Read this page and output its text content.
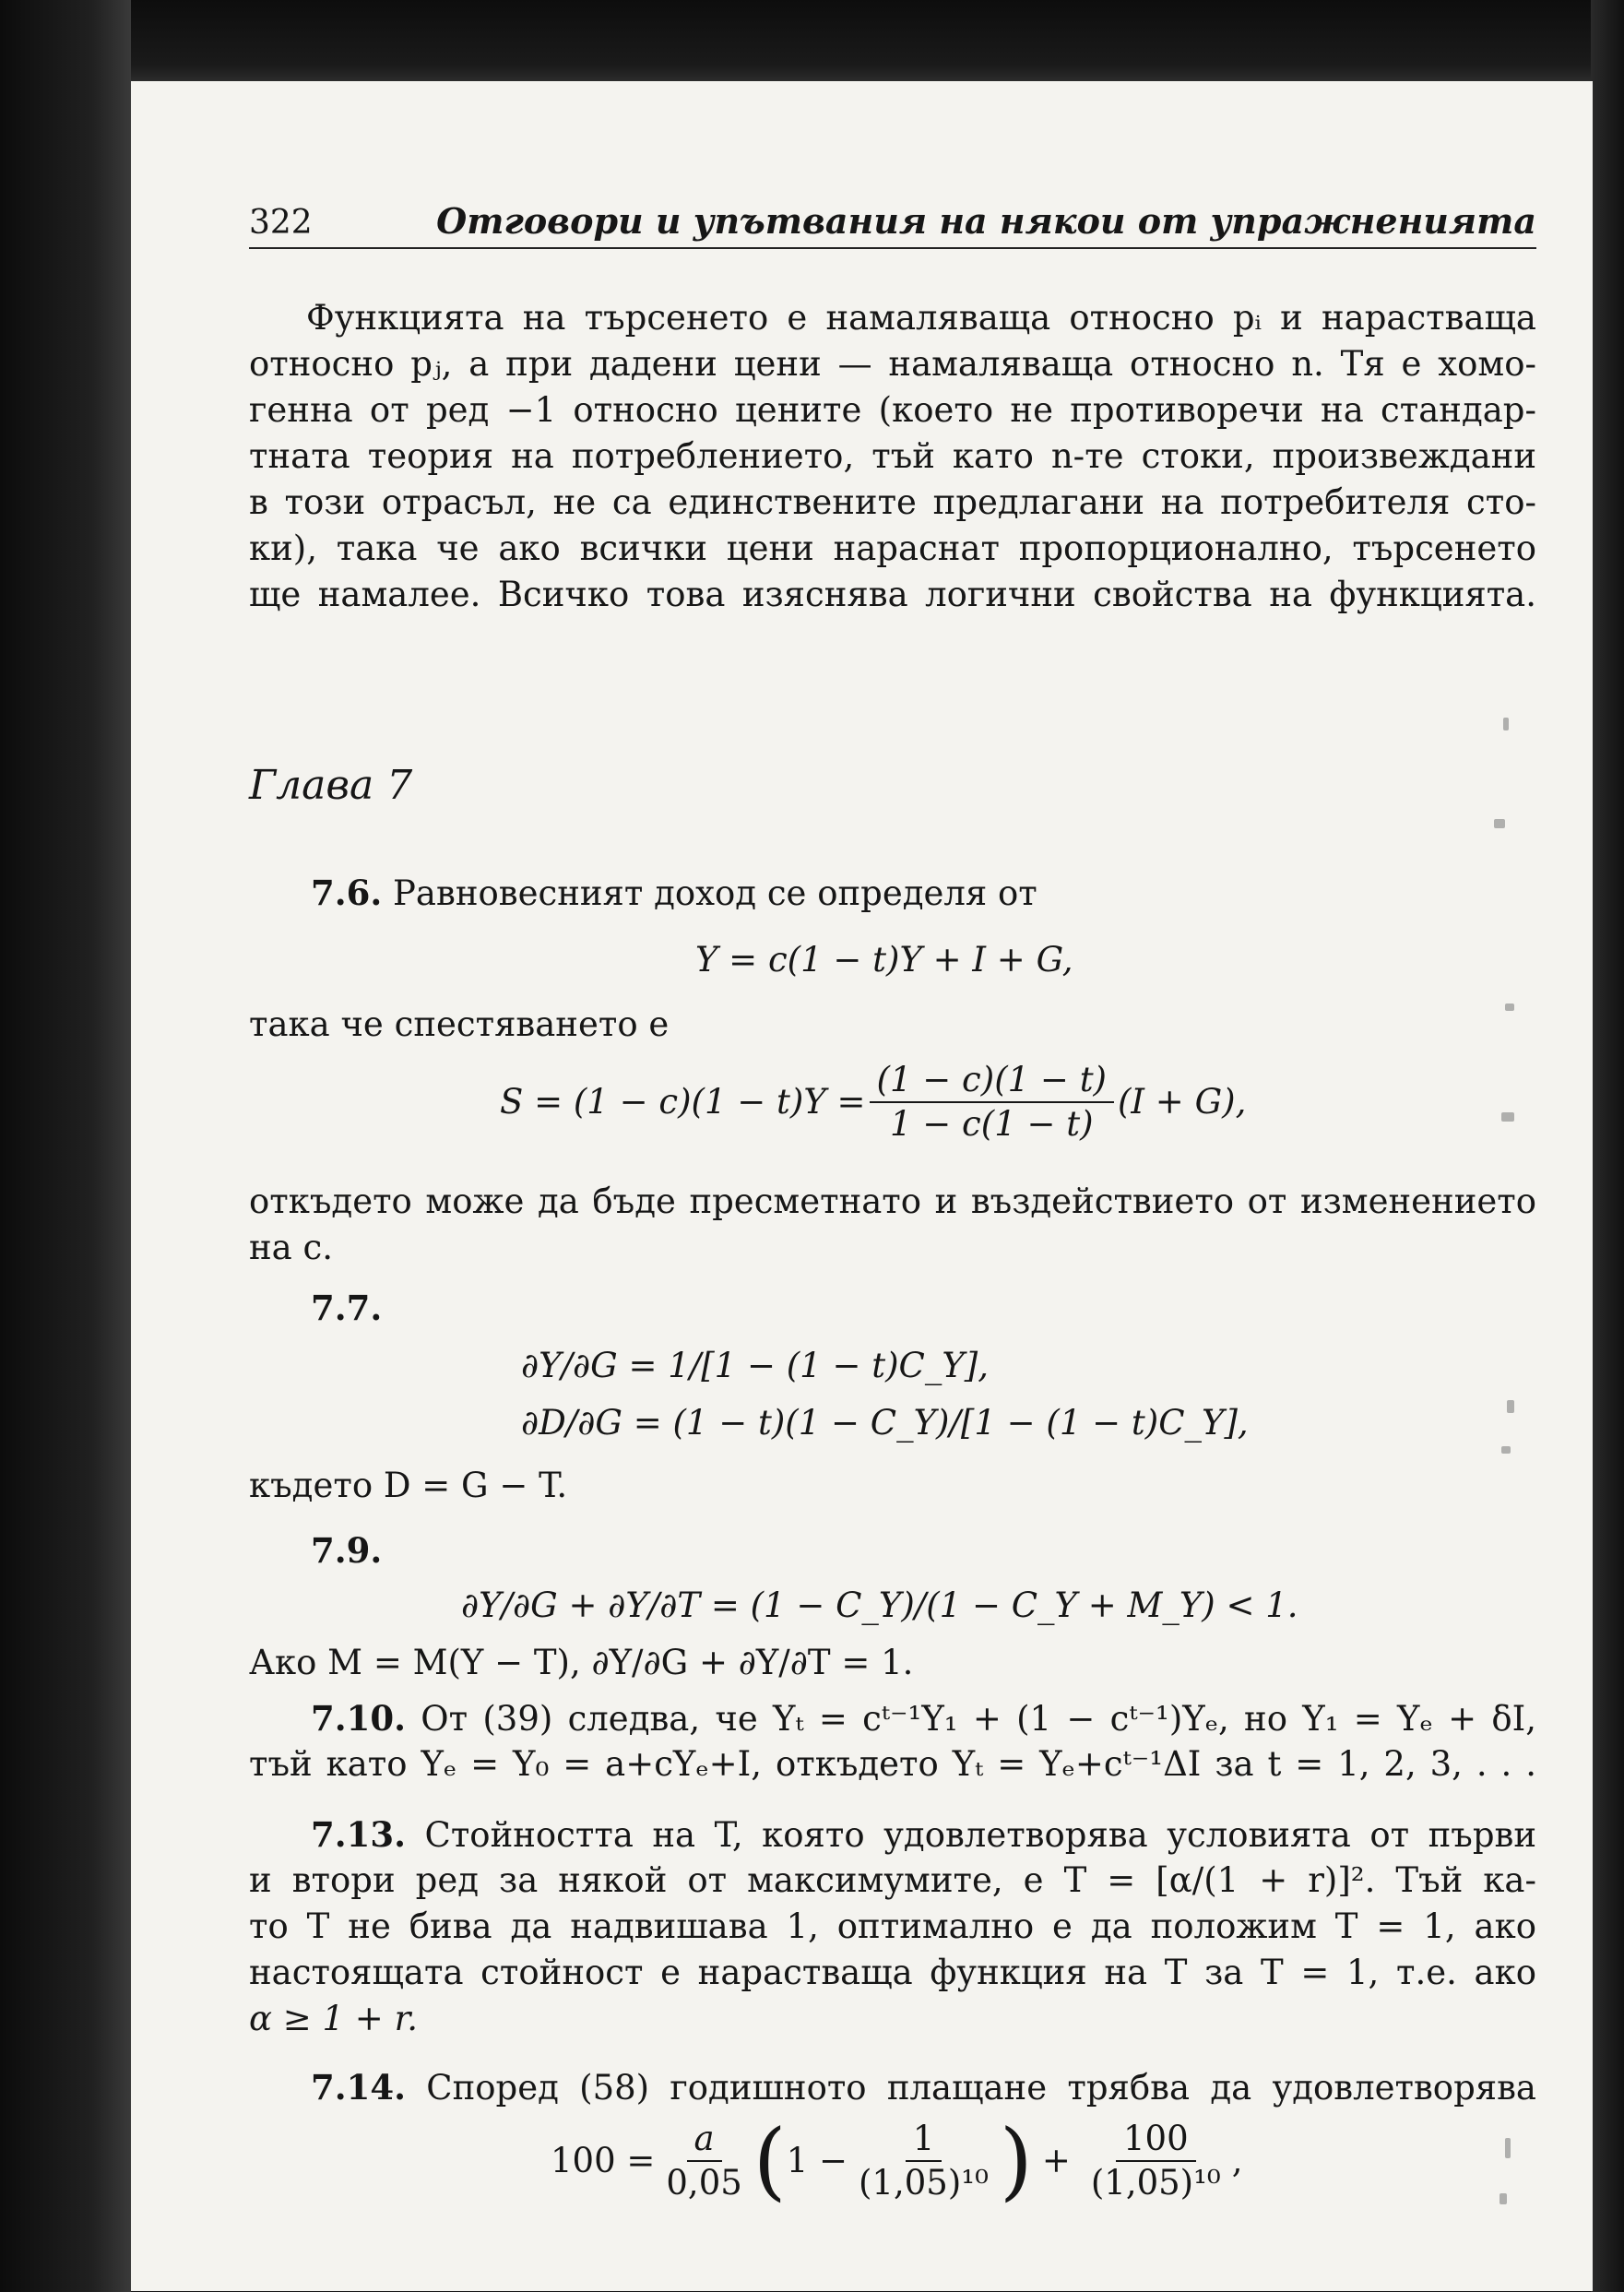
322	Отговори и упътвания на някои от упражненията
Функцията на търсенето е намаляваща относно pᵢ и нарастваща
относно pⱼ, а при дадени цени — намаляваща относно n. Тя е хомо-
генна от ред −1 относно цените (което не противоречи на стандар-
тната теория на потреблението, тъй като n-те стоки, произвеждани
в този отрасъл, не са единствените предлагани на потребителя сто-
ки), така че ако всички цени нараснат пропорционално, търсенето
ще намалее. Всичко това изяснява логични свойства на функцията.
Глава 7
7.6. Равновесният доход се определя от
Y = c(1 − t)Y + I + G,
така че спестяването е
$S = (1 - c)(1 - t)Y = \frac{(1 - c)(1 - t)}{1 - c(1 - t)} (I + G)$,
откъдето може да бъде пресметнато и въздействието от изменението
на c.
7.7.
∂Y/∂G = 1/[1 − (1 − t)C_Y],
∂D/∂G = (1 − t)(1 − C_Y)/[1 − (1 − t)C_Y],
където D = G − T.
7.9.
∂Y/∂G + ∂Y/∂T = (1 − C_Y)/(1 − C_Y + M_Y) < 1.
Ако M = M(Y − T), ∂Y/∂G + ∂Y/∂T = 1.
7.10. От (39) следва, че Yₜ = cᵗ⁻¹Y₁ + (1 − cᵗ⁻¹)Yₑ, но Y₁ = Yₑ + δI,
тъй като Yₑ = Y₀ = a+cYₑ+I, откъдето Yₜ = Yₑ+cᵗ⁻¹ΔI за t = 1, 2, 3, . . .
7.13. Стойността на T, която удовлетворява условията от първи
и втори ред за някой от максимумите, е T = [α/(1 + r)]². Тъй ка-
то T не бива да надвишава 1, оптимално е да положим T = 1, ако
настоящата стойност е нарастваща функция на T за T = 1, т.е. ако
α ≥ 1 + r.
7.14. Според (58) годишното плащане трябва да удовлетворява
$100 = \frac{a}{0,05}$ ( $1 - \frac{1}{\text{(1,05)¹⁰}}$ ) + $\frac{100}{\text{(1,05)¹⁰}}$ ,
